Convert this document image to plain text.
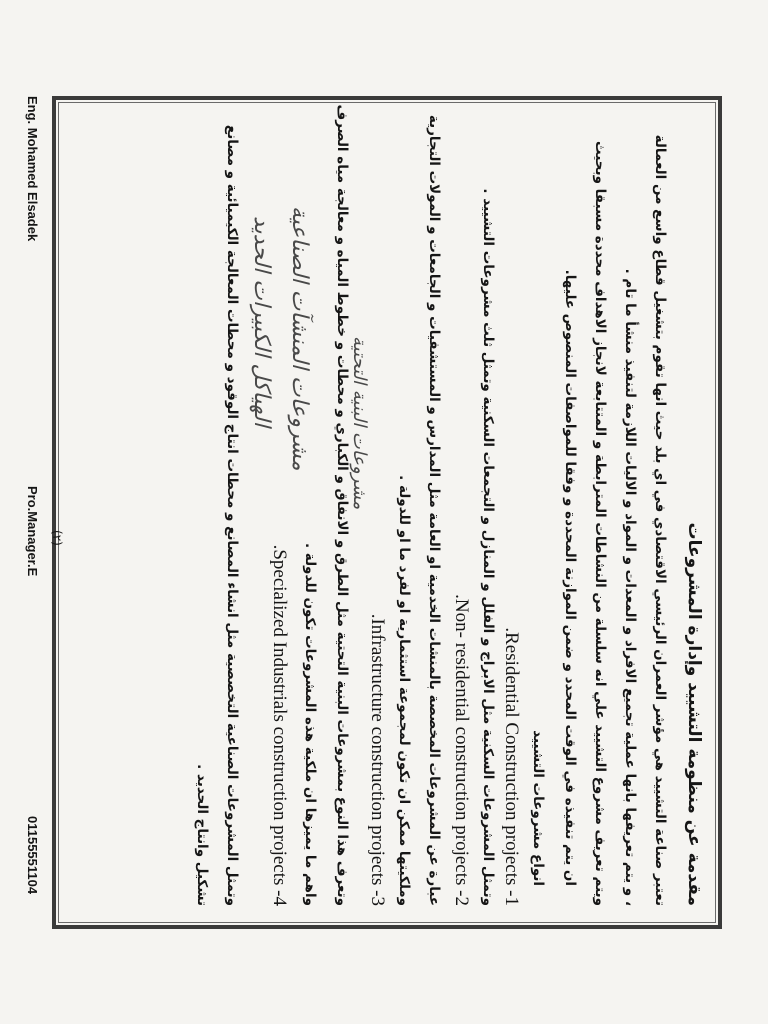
مقدمة عن منظومة التشييد وإدارة المشروعات
تعتبر صناعة التشييد هي مؤشر العمران الرئيسي الاقتصادي في اي بلد حيث انها تقوم بتشغيل قطاع واسع من العمالة
، و يتم تعريفها بانها عملية تجميع الافراد و المعدات و المواد و الاليات اللازمة لتنفيذ منشأ ما تام .
ويتم تعريف مشروع التشييد علي انه سلسلة من النشاطات المترابطة و المتتابعة لانجاز الاهداف محددة مسبقا وبحيث
ان يتم تنفيذه في الوقت المحدد و ضمن الموازنة المحددة و وفقا للمواصفات المنصوص عليها.
انواع مشروعات التشييد
1- Residential Construction projects.
وتمثل المشروعات السكنية مثل الابراج و الفلل و المنازل و التجمعات السكنية وتمثل ثلث مشروعات التشييد .
2- Non- residential construction projects.
عبارة عن المشروعات المخصصة بالمنشات الخدمية او العامة مثل المدارس و المستشفيات و الجامعات و المولات التجارية
وملكيتها ممكن ان تكون لمجموعة استثمارية او لفرد ما او للدولة .
3- Infrastructure construction projects.
وتعرف هذا النوع بمشروعات البنية التحتية مثل الطرق و الانفاق و الكباري و محطات و خطوط المياه و معالجة مياه الصرف
واهم ما يميزها ان ملكية هذه المشروعات تكون للدولة .
4- Specialized Industrials construction projects.
وتمثل المشروعات الصناعية التخصصية مثل انشاء المصانع و محطات انتاج الوقود و محطات المعالجة الكيميائية و مصانع
تشكيل وانتاج الحديد .
مشروعات البنية التحتية
مشروعات المنشآت الصناعية
الهياكل الكبيرات الحديد
Eng. Mohamed Elsadek
Pro.Manager.E
01155551104
(٢)
